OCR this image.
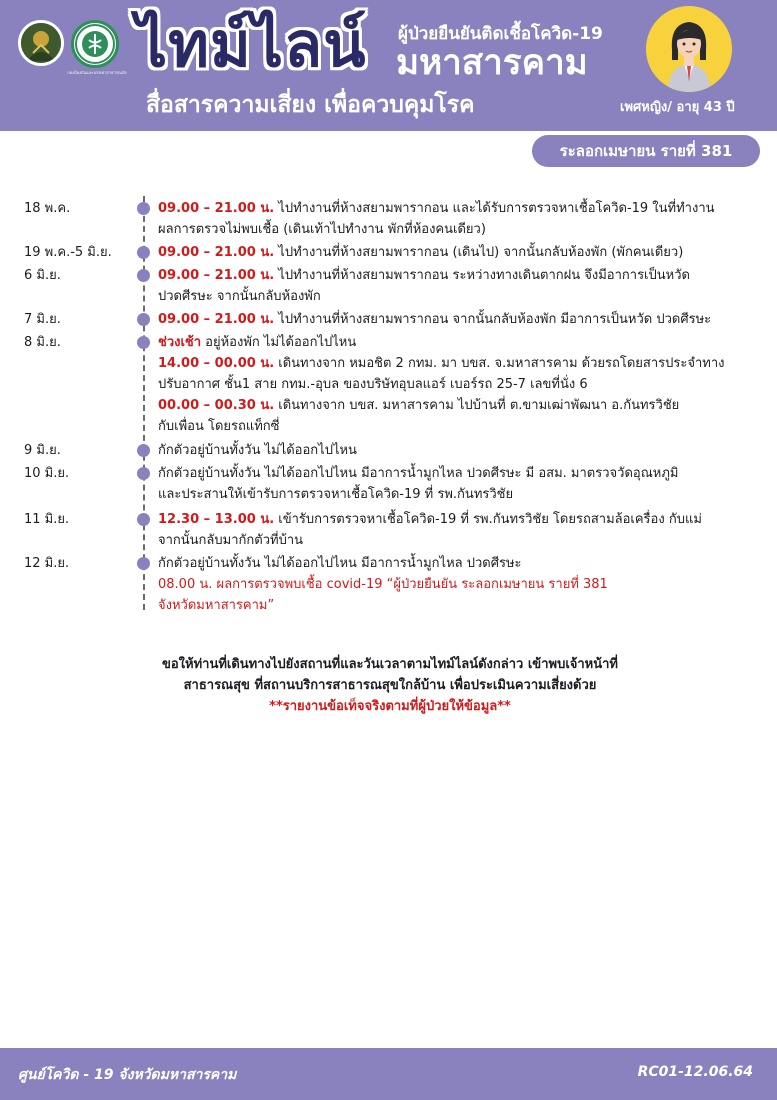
กองป้องกันและบรรเทาสาธารณภัย ไทม์ไลน์ ผู้ป่วยยืนยันติดเชื้อโควิด-19
มหาสารคาม
สื่อสารความเสี่ยง เพื่อควบคุมโรค	เพศหญิง/ อายุ 43 ปี
ระลอกเมษายน รายที่ 381
18 พ.ค.	09.00 – 21.00 น. ไปทำงานที่ห้างสยามพารากอน และได้รับการตรวจหาเชื้อโควิด-19 ในที่ทำงาน
ผลการตรวจไม่พบเชื้อ (เดินเท้าไปทำงาน พักที่ห้องคนเดียว)
19 พ.ค.-5 มิ.ย.	09.00 – 21.00 น. ไปทำงานที่ห้างสยามพารากอน (เดินไป) จากนั้นกลับห้องพัก (พักคนเดียว)
6 มิ.ย.	09.00 – 21.00 น. ไปทำงานที่ห้างสยามพารากอน ระหว่างทางเดินตากฝน จึงมีอาการเป็นหวัด
ปวดศีรษะ จากนั้นกลับห้องพัก
7 มิ.ย.	09.00 – 21.00 น. ไปทำงานที่ห้างสยามพารากอน จากนั้นกลับห้องพัก มีอาการเป็นหวัด ปวดศีรษะ
8 มิ.ย.	ช่วงเช้า อยู่ห้องพัก ไม่ได้ออกไปไหน
14.00 – 00.00 น. เดินทางจาก หมอชิต 2 กทม. มา บขส. จ.มหาสารคาม ด้วยรถโดยสารประจำทาง
ปรับอากาศ ชั้น1 สาย กทม.-อุบล ของบริษัทอุบลแอร์ เบอร์รถ 25-7 เลขที่นั่ง 6
00.00 – 00.30 น. เดินทางจาก บขส. มหาสารคาม ไปบ้านที่ ต.ขามเฒ่าพัฒนา อ.กันทรวิชัย
กับเพื่อน โดยรถแท็กซี่
9 มิ.ย.	กักตัวอยู่บ้านทั้งวัน ไม่ได้ออกไปไหน
10 มิ.ย.	กักตัวอยู่บ้านทั้งวัน ไม่ได้ออกไปไหน มีอาการน้ำมูกไหล ปวดศีรษะ มี อสม. มาตรวจวัดอุณหภูมิ
และประสานให้เข้ารับการตรวจหาเชื้อโควิด-19 ที่ รพ.กันทรวิชัย
11 มิ.ย.	12.30 – 13.00 น. เข้ารับการตรวจหาเชื้อโควิด-19 ที่ รพ.กันทรวิชัย โดยรถสามล้อเครื่อง กับแม่
จากนั้นกลับมากักตัวที่บ้าน
12 มิ.ย.	กักตัวอยู่บ้านทั้งวัน ไม่ได้ออกไปไหน มีอาการน้ำมูกไหล ปวดศีรษะ
08.00 น. ผลการตรวจพบเชื้อ covid-19 “ผู้ป่วยยืนยัน ระลอกเมษายน รายที่ 381
จังหวัดมหาสารคาม”
ขอให้ท่านที่เดินทางไปยังสถานที่และวันเวลาตามไทม์ไลน์ดังกล่าว เข้าพบเจ้าหน้าที่
สาธารณสุข ที่สถานบริการสาธารณสุขใกล้บ้าน เพื่อประเมินความเสี่ยงด้วย
**รายงานข้อเท็จจริงตามที่ผู้ป่วยให้ข้อมูล**
ศูนย์โควิด - 19 จังหวัดมหาสารคาม	RC01-12.06.64
